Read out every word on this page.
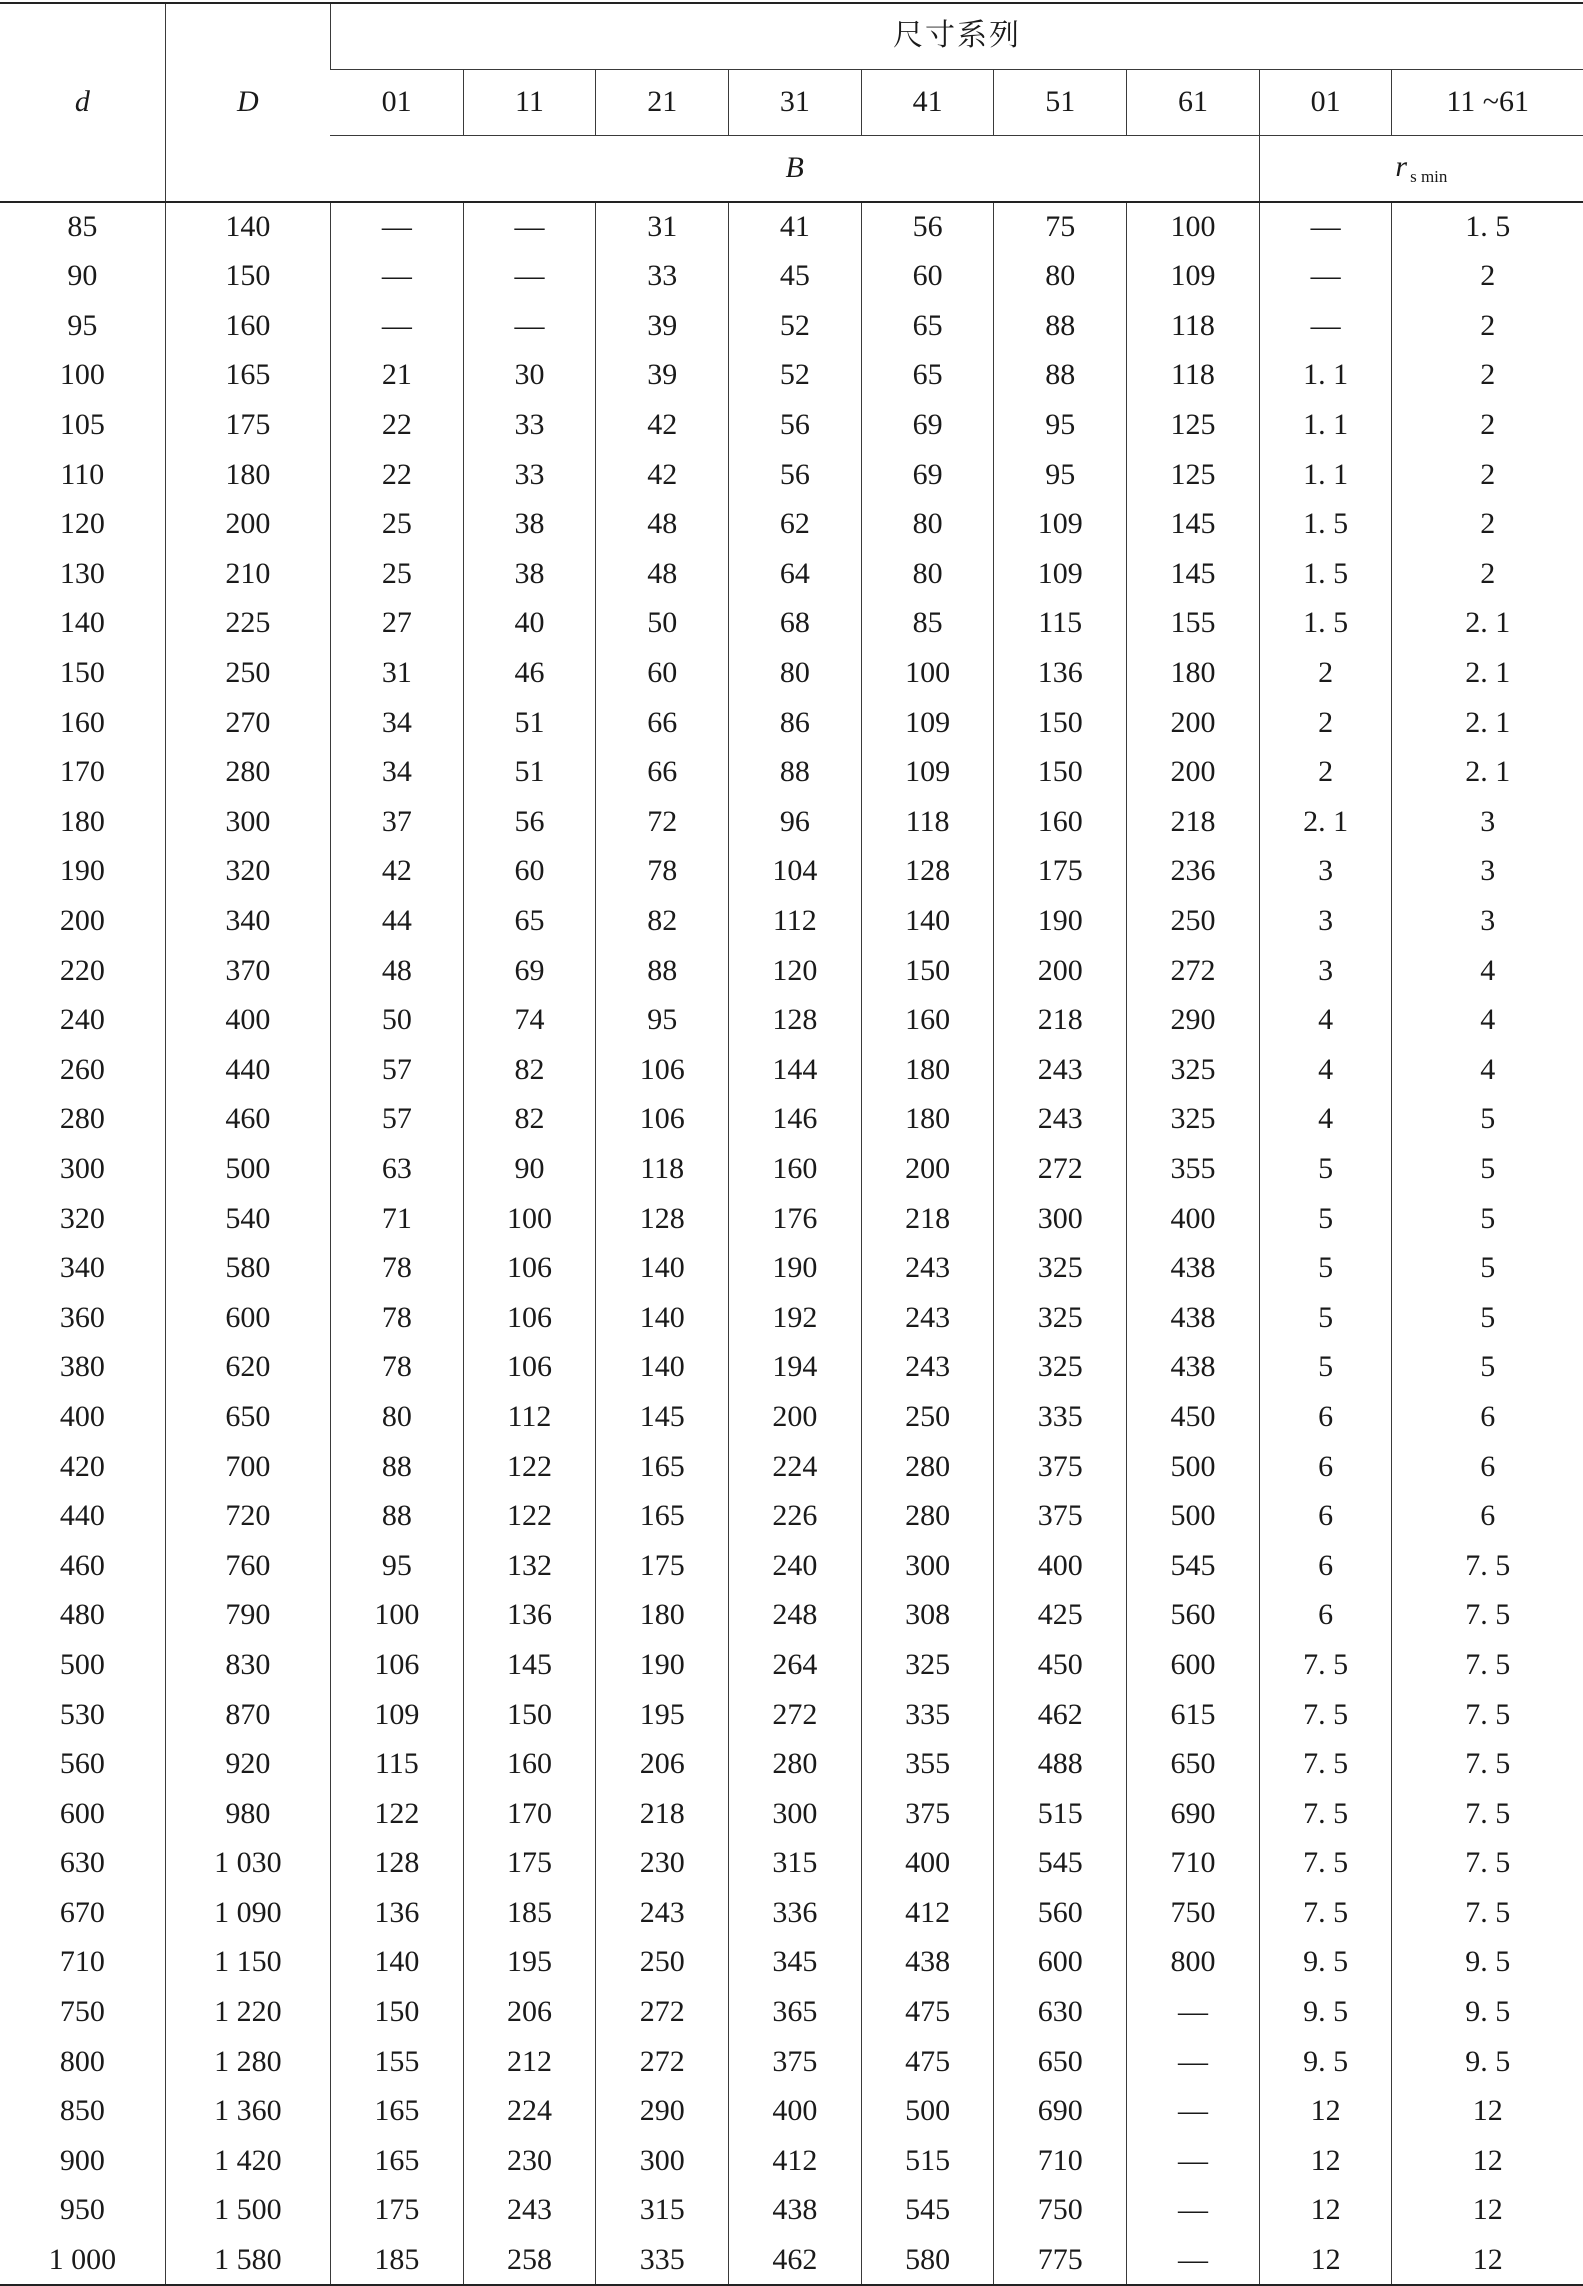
d	D	尺寸系列								
		01	11	21	31	41	51	61	01	11 ~61
		B							r $_{s min}$
85	140	—	—	31	41	56	75	100	—	1. 5
90	150	—	—	33	45	60	80	109	—	2
95	160	—	—	39	52	65	88	118	—	2
100	165	21	30	39	52	65	88	118	1. 1	2
105	175	22	33	42	56	69	95	125	1. 1	2
110	180	22	33	42	56	69	95	125	1. 1	2
120	200	25	38	48	62	80	109	145	1. 5	2
130	210	25	38	48	64	80	109	145	1. 5	2
140	225	27	40	50	68	85	115	155	1. 5	2. 1
150	250	31	46	60	80	100	136	180	2	2. 1
160	270	34	51	66	86	109	150	200	2	2. 1
170	280	34	51	66	88	109	150	200	2	2. 1
180	300	37	56	72	96	118	160	218	2. 1	3
190	320	42	60	78	104	128	175	236	3	3
200	340	44	65	82	112	140	190	250	3	3
220	370	48	69	88	120	150	200	272	3	4
240	400	50	74	95	128	160	218	290	4	4
260	440	57	82	106	144	180	243	325	4	4
280	460	57	82	106	146	180	243	325	4	5
300	500	63	90	118	160	200	272	355	5	5
320	540	71	100	128	176	218	300	400	5	5
340	580	78	106	140	190	243	325	438	5	5
360	600	78	106	140	192	243	325	438	5	5
380	620	78	106	140	194	243	325	438	5	5
400	650	80	112	145	200	250	335	450	6	6
420	700	88	122	165	224	280	375	500	6	6
440	720	88	122	165	226	280	375	500	6	6
460	760	95	132	175	240	300	400	545	6	7. 5
480	790	100	136	180	248	308	425	560	6	7. 5
500	830	106	145	190	264	325	450	600	7. 5	7. 5
530	870	109	150	195	272	335	462	615	7. 5	7. 5
560	920	115	160	206	280	355	488	650	7. 5	7. 5
600	980	122	170	218	300	375	515	690	7. 5	7. 5
630	1 030	128	175	230	315	400	545	710	7. 5	7. 5
670	1 090	136	185	243	336	412	560	750	7. 5	7. 5
710	1 150	140	195	250	345	438	600	800	9. 5	9. 5
750	1 220	150	206	272	365	475	630	—	9. 5	9. 5
800	1 280	155	212	272	375	475	650	—	9. 5	9. 5
850	1 360	165	224	290	400	500	690	—	12	12
900	1 420	165	230	300	412	515	710	—	12	12
950	1 500	175	243	315	438	545	750	—	12	12
1 000	1 580	185	258	335	462	580	775	—	12	12
